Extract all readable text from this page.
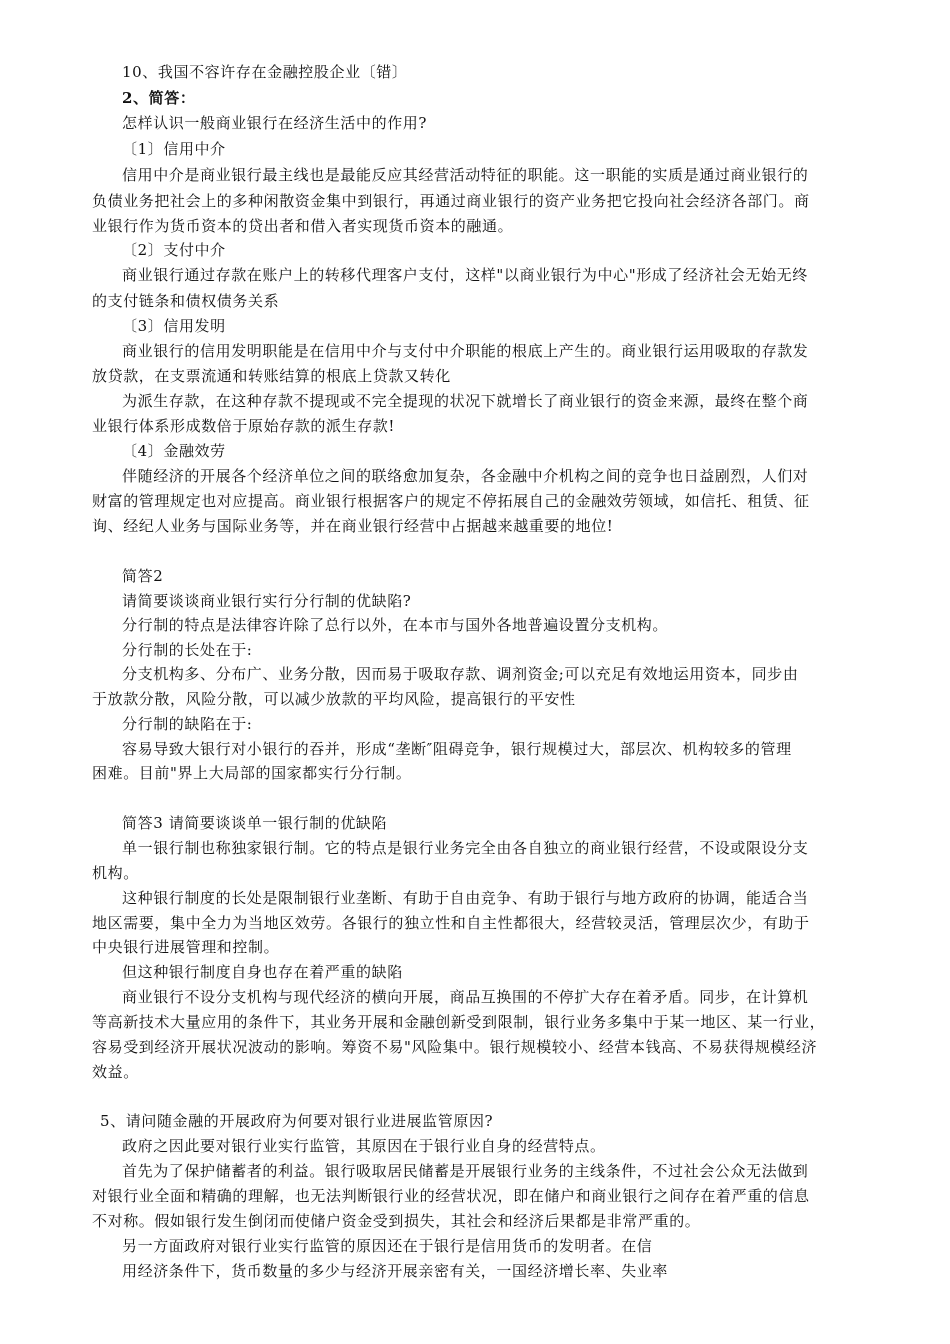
10、我国不容许存在金融控股企业〔错〕
2、简答：
怎样认识一般商业银行在经济生活中的作用?
〔1〕信用中介
信用中介是商业银行最主线也是最能反应其经营活动特征的职能。这一职能的实质是通过商业银行的
负债业务把社会上的多种闲散资金集中到银行，再通过商业银行的资产业务把它投向社会经济各部门。商
业银行作为货币资本的贷出者和借入者实现货币资本的融通。
〔2〕支付中介
商业银行通过存款在账户上的转移代理客户支付，这样"以商业银行为中心"形成了经济社会无始无终
的支付链条和债权债务关系
〔3〕信用发明
商业银行的信用发明职能是在信用中介与支付中介职能的根底上产生的。商业银行运用吸取的存款发
放贷款，在支票流通和转账结算的根底上贷款又转化
为派生存款，在这种存款不提现或不完全提现的状况下就增长了商业银行的资金来源，最终在整个商
业银行体系形成数倍于原始存款的派生存款!
〔4〕金融效劳
伴随经济的开展各个经济单位之间的联络愈加复杂，各金融中介机构之间的竞争也日益剧烈，人们对
财富的管理规定也对应提高。商业银行根据客户的规定不停拓展自己的金融效劳领域，如信托、租赁、征
询、经纪人业务与国际业务等，并在商业银行经营中占据越来越重要的地位!
简答2
请简要谈谈商业银行实行分行制的优缺陷?
分行制的特点是法律容许除了总行以外，在本市与国外各地普遍设置分支机构。
分行制的长处在于:
分支机构多、分布广、业务分散，因而易于吸取存款、调剂资金;可以充足有效地运用资本，同步由
于放款分散，风险分散，可以减少放款的平均风险，提高银行的平安性
分行制的缺陷在于:
容易导致大银行对小银行的吞并，形成“垄断″阻碍竞争，银行规模过大，部层次、机构较多的管理
困难。目前"界上大局部的国家都实行分行制。
简答3 请简要谈谈单一银行制的优缺陷
单一银行制也称独家银行制。它的特点是银行业务完全由各自独立的商业银行经营，不设或限设分支
机构。
这种银行制度的长处是限制银行业垄断、有助于自由竞争、有助于银行与地方政府的协调，能适合当
地区需要，集中全力为当地区效劳。各银行的独立性和自主性都很大，经营较灵活，管理层次少，有助于
中央银行进展管理和控制。
但这种银行制度自身也存在着严重的缺陷
商业银行不设分支机构与现代经济的横向开展，商品互换围的不停扩大存在着矛盾。同步，在计算机
等高新技术大量应用的条件下，其业务开展和金融创新受到限制，银行业务多集中于某一地区、某一行业，
容易受到经济开展状况波动的影响。筹资不易"风险集中。银行规模较小、经营本钱高、不易获得规模经济
效益。
5、请问随金融的开展政府为何要对银行业进展监管原因?
政府之因此要对银行业实行监管，其原因在于银行业自身的经营特点。
首先为了保护储蓄者的利益。银行吸取居民储蓄是开展银行业务的主线条件，不过社会公众无法做到
对银行业全面和精确的理解，也无法判断银行业的经营状况，即在储户和商业银行之间存在着严重的信息
不对称。假如银行发生倒闭而使储户资金受到损失，其社会和经济后果都是非常严重的。
另一方面政府对银行业实行监管的原因还在于银行是信用货币的发明者。在信
用经济条件下，货币数量的多少与经济开展亲密有关，一国经济增长率、失业率
